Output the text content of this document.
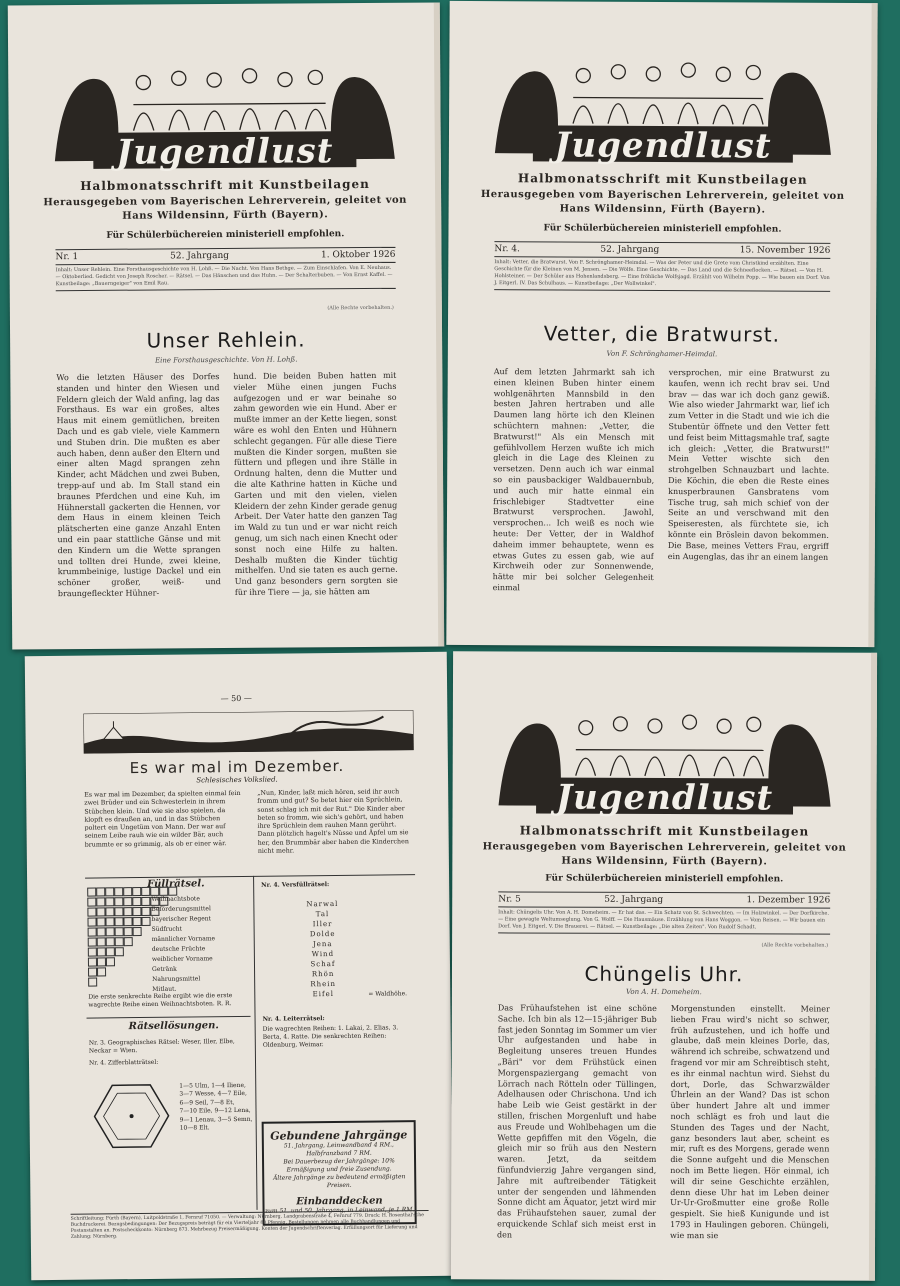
Jugendlust
Halbmonatsschrift mit Kunstbeilagen
Herausgegeben vom Bayerischen Lehrerverein, geleitet von
Hans Wildensinn, Fürth (Bayern).
Für Schülerbüchereien ministeriell empfohlen.
Nr. 1	52. Jahrgang	1. Oktober 1926
Inhalt: Unser Rehlein. Eine Forsthausgeschichte von H. Lohß. — Die Nacht. Von Hans Bethge. — Zum Einschlafen. Von E. Neuhaus. — Oktoberlied. Gedicht von Joseph Roscher. — Rätsel. — Das Hänschen und das Huhn. — Der Schalterbuben. — Von Ernst Kaffel. — Kunstbeilage: „Bauerngeiger" von Emil Rau.
(Alle Rechte vorbehalten.)
Unser Rehlein.
Eine Forsthausgeschichte. Von H. Lohß.
Wo die letzten Häuser des Dorfes standen und hinter den Wiesen und Feldern gleich der Wald anfing, lag das Forsthaus. Es war ein großes, altes Haus mit einem gemütlichen, breiten Dach und es gab viele, viele Kammern und Stuben drin. Die mußten es aber auch haben, denn außer den Eltern und einer alten Magd sprangen zehn Kinder, acht Mädchen und zwei Buben, trepp-auf und ab. Im Stall stand ein braunes Pferdchen und eine Kuh, im Hühnerstall gackerten die Hennen, vor dem Haus in einem kleinen Teich plätscherten eine ganze Anzahl Enten und ein paar stattliche Gänse und mit den Kindern um die Wette sprangen und tollten drei Hunde, zwei kleine, krummbeinige, lustige Dackel und ein schöner großer, weiß- und braungefleckter Hühner-
hund. Die beiden Buben hatten mit vieler Mühe einen jungen Fuchs aufgezogen und er war beinahe so zahm geworden wie ein Hund. Aber er mußte immer an der Kette liegen, sonst wäre es wohl den Enten und Hühnern schlecht gegangen. Für alle diese Tiere mußten die Kinder sorgen, mußten sie füttern und pflegen und ihre Ställe in Ordnung halten, denn die Mutter und die alte Kathrine hatten in Küche und Garten und mit den vielen, vielen Kleidern der zehn Kinder gerade genug Arbeit. Der Vater hatte den ganzen Tag im Wald zu tun und er war nicht reich genug, um sich nach einen Knecht oder sonst noch eine Hilfe zu halten. Deshalb mußten die Kinder tüchtig mithelfen. Und sie taten es auch gerne. Und ganz besonders gern sorgten sie für ihre Tiere — ja, sie hätten am
Jugendlust
Halbmonatsschrift mit Kunstbeilagen
Herausgegeben vom Bayerischen Lehrerverein, geleitet von
Hans Wildensinn, Fürth (Bayern).
Für Schülerbüchereien ministeriell empfohlen.
Nr. 4.	52. Jahrgang	15. November 1926
Inhalt: Vetter, die Bratwurst. Von F. Schrönghamer-Heimdal. — Was der Peter und die Grete vom Christkind erzählten. Eine Geschichte für die Kleinen von M. Jensen. — Die Wölfe. Eine Geschichte. — Das Land und die Schneeflocken. — Rätsel. — Von H. Hohlsteiner. — Der Schüler aus Hohenlandsberg. — Eine fröhliche Wolfsjagd. Erzählt von Wilhelm Popp. — Wie bauen ein Dorf. Von J. Eitgerl. IV. Das Schulhaus. — Kunstbeilage: „Der Wollwinkel".
Vetter, die Bratwurst.
Von F. Schrönghamer-Heimdal.
Auf dem letzten Jahrmarkt sah ich einen kleinen Buben hinter einem wohlgenährten Mannsbild in den besten Jahren hertraben und alle Daumen lang hörte ich den Kleinen schüchtern mahnen: „Vetter, die Bratwurst!" Als ein Mensch mit gefühlvollem Herzen wußte ich mich gleich in die Lage des Kleinen zu versetzen. Denn auch ich war einmal so ein pausbackiger Waldbauernbub, und auch mir hatte einmal ein frischlebiger Stadtvetter eine Bratwurst versprochen. Jawohl, versprochen... Ich weiß es noch wie heute: Der Vetter, der in Waldhof daheim immer behauptete, wenn es etwas Gutes zu essen gab, wie auf Kirchweih oder zur Sonnenwende, hätte mir bei solcher Gelegenheit einmal
versprochen, mir eine Bratwurst zu kaufen, wenn ich recht brav sei. Und brav — das war ich doch ganz gewiß. Wie also wieder Jahrmarkt war, lief ich zum Vetter in die Stadt und wie ich die Stubentür öffnete und den Vetter fett und feist beim Mittagsmahle traf, sagte ich gleich: „Vetter, die Bratwurst!" Mein Vetter wischte sich den strohgelben Schnauzbart und lachte. Die Köchin, die eben die Reste eines knusperbraunen Gansbratens vom Tische trug, sah mich schief von der Seite an und verschwand mit den Speiseresten, als fürchtete sie, ich könnte ein Bröslein davon bekommen. Die Base, meines Vetters Frau, ergriff ein Augenglas, das ihr an einem langen
— 50 —
Es war mal im Dezember.
Schlesisches Volkslied.
Es war mal im Dezember, da spielten einmal fein zwei Brüder und ein Schwesterlein in ihrem Stübchen klein. Und wie sie also spielen, da klopft es draußen an, und in das Stübchen poltert ein Ungetüm von Mann. Der war auf seinem Leibe rauh wie ein wilder Bär, auch brummte er so grimmig, als ob er einer wär.
„Nun, Kinder, laßt mich hören, seid ihr auch fromm und gut? So betet hier ein Sprüchlein, sonst schlag ich mit der Rut." Die Kinder aber beten so fromm, wie sich's gehört, und haben ihre Sprüchlein dem rauhen Mann gerührt. Dann plötzlich hagelt's Nüsse und Äpfel um sie her, den Brummbär aber haben die Kinderchen nicht mehr.
Füllrätsel.
Weihnachtsbote
Beförderungsmittel
bayerischer Regent
Südfrucht
männlicher Vorname
deutsche Früchte
weiblicher Vorname
Getränk
Nahrungsmittel
Mitlaut.
Die erste senkrechte Reihe ergibt wie die erste wagrechte Reihe einen Weihnachtsboten. R. R.
Rätsellösungen.
Nr. 3. Geographisches Rätsel: Weser, Iller, Elbe, Neckar = Wien.
Nr. 4. Zifferblatträtsel:
1—5 Ulm, 1—4 Iliene,
3—7 Wesse, 4—7 Eile,
6—9 Seil, 7—8 Et,
7—10 Eile, 9—12 Lena,
9—1 Lenau, 3—5 Semn,
10—8 Elt.
Nr. 4. Versfüllrätsel:
Narwal
Tal
Iller
Dolde
Jena
Wind
Schaf
Rhön
Rhein
Eifel	= Waldhöhe.
Nr. 4. Leiterrätsel:
Die wagrechten Reihen: 1. Lakai, 2. Elias, 3. Berta, 4. Ratte. Die senkrechten Reihen: Oldenburg, Weimar.
Gebundene Jahrgänge
51. Jahrgang, Leinwandband 4 RM., Halbfranzband 7 RM.
Bei Dauerbezug der Jahrgänge: 10% Ermäßigung und freie Zusendung.
Ältere Jahrgänge zu bedeutend ermäßigten Preisen.
Einbanddecken
zum 51. und 50. Jahrgang, in Leinwand, je 1 RM.
Schriftleitung: Fürth (Bayern), Luitpoldstraße 1, Fernruf 71050. — Verwaltung: Nürnberg, Landgrabenstraße 4, Fernruf 779. Druck: H. Rosenthal'sche Buchdruckerei. Bezugsbedingungen: Der Bezugspreis beträgt für ein Vierteljahr 80 Pfennig. Bestellungen nehmen alle Buchhandlungen und Postanstalten an. Postscheckkonto: Nürnberg 873. Mehrbezug Preisermäßigung. Konten der Jugendschriftenverlag. Erfüllungsort für Lieferung und Zahlung: Nürnberg.
Jugendlust
Halbmonatsschrift mit Kunstbeilagen
Herausgegeben vom Bayerischen Lehrerverein, geleitet von
Hans Wildensinn, Fürth (Bayern).
Für Schülerbüchereien ministeriell empfohlen.
Nr. 5	52. Jahrgang	1. Dezember 1926
Inhalt: Chüngelis Uhr. Von A. H. Domeheim. — Er hat das. — Ein Schatz von St. Schwechten. — Im Holzwinkel. — Der Dorfkirche. — Eine gewagte Weltumseglung. Von G. Wolff. — Die Hausmäuse. Erzählung von Hans Woggon. — Vom Reisen. — Wir bauen ein Dorf. Von J. Eitgerl. V. Die Brauerei. — Rätsel. — Kunstbeilage: „Die alten Zeiten". Von Rudolf Schadt.
(Alle Rechte vorbehalten.)
Chüngelis Uhr.
Von A. H. Domeheim.
Das Frühaufstehen ist eine schöne Sache. Ich bin als 12—15-jähriger Bub fast jeden Sonntag im Sommer um vier Uhr aufgestanden und habe in Begleitung unseres treuen Hundes „Bäri" vor dem Frühstück einen Morgenspaziergang gemacht von Lörrach nach Rötteln oder Tüllingen, Adelhausen oder Chrischona. Und ich habe Leib wie Geist gestärkt in der stillen, frischen Morgenluft und habe aus Freude und Wohlbehagen um die Wette gepfiffen mit den Vögeln, die gleich mir so früh aus den Nestern waren. Jetzt, da seitdem fünfundvierzig Jahre vergangen sind, Jahre mit auftreibender Tätigkeit unter der sengenden und lähmenden Sonne dicht am Äquator, jetzt wird mir das Frühaufstehen sauer, zumal der erquickende Schlaf sich meist erst in den
Morgenstunden einstellt. Meiner lieben Frau wird's nicht so schwer, früh aufzustehen, und ich hoffe und glaube, daß mein kleines Dorle, das, während ich schreibe, schwatzend und fragend vor mir am Schreibtisch steht, es ihr einmal nachtun wird. Siehst du dort, Dorle, das Schwarzwälder Ührlein an der Wand? Das ist schon über hundert Jahre alt und immer noch schlägt es froh und laut die Stunden des Tages und der Nacht, ganz besonders laut aber, scheint es mir, ruft es des Morgens, gerade wenn die Sonne aufgeht und die Menschen noch im Bette liegen. Hör einmal, ich will dir seine Geschichte erzählen, denn diese Uhr hat im Leben deiner Ur-Ur-Großmutter eine große Rolle gespielt. Sie hieß Kunigunde und ist 1793 in Haulingen geboren. Chüngeli, wie man sie
